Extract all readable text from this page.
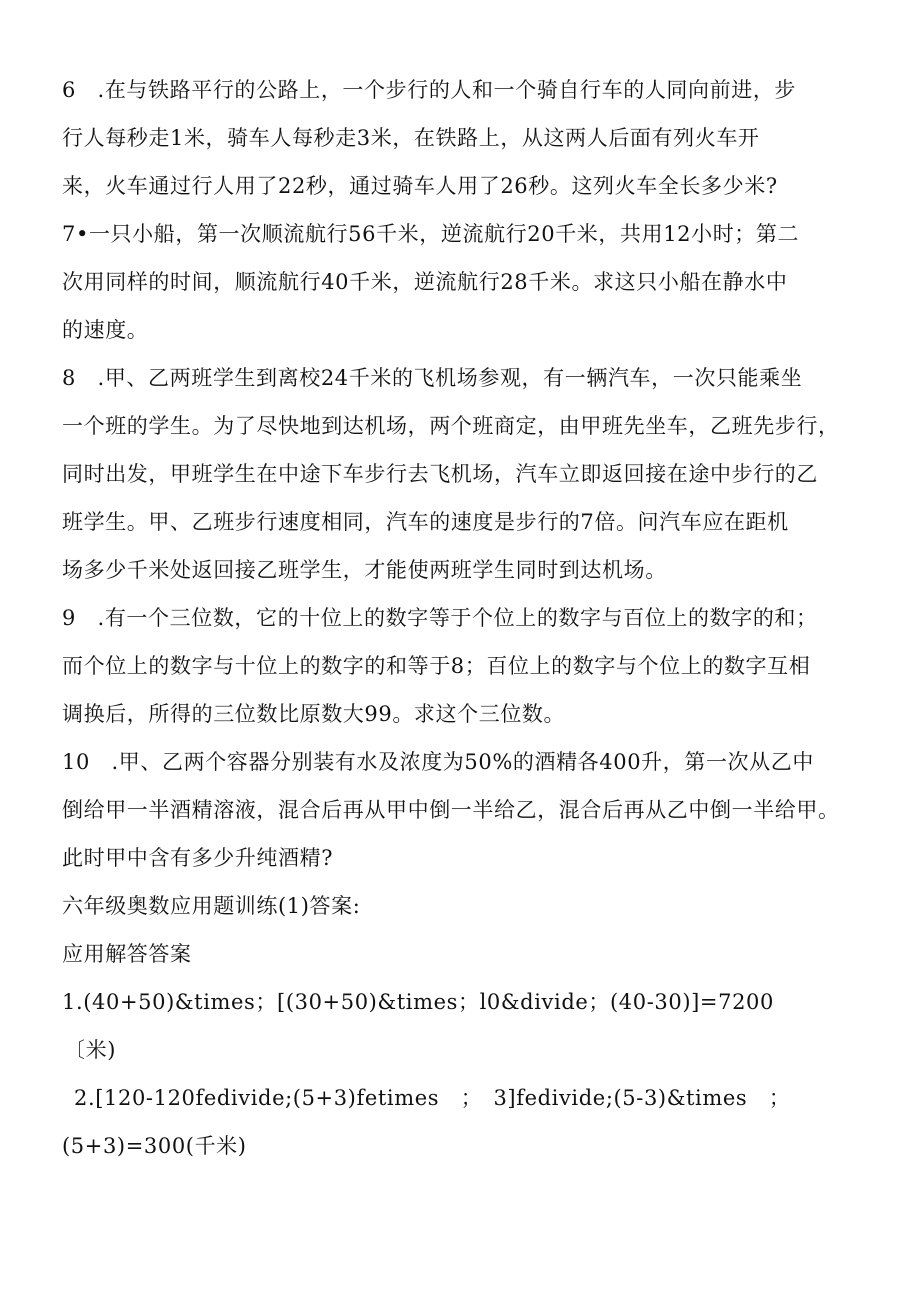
6　.在与铁路平行的公路上，一个步行的人和一个骑自行车的人同向前进，步
行人每秒走1米，骑车人每秒走3米，在铁路上，从这两人后面有列火车开
来，火车通过行人用了22秒，通过骑车人用了26秒。这列火车全长多少米?
7•一只小船，第一次顺流航行56千米，逆流航行20千米，共用12小时；第二
次用同样的时间，顺流航行40千米，逆流航行28千米。求这只小船在静水中
的速度。
8　.甲、乙两班学生到离校24千米的飞机场参观，有一辆汽车，一次只能乘坐
一个班的学生。为了尽快地到达机场，两个班商定，由甲班先坐车，乙班先步行，
同时出发，甲班学生在中途下车步行去飞机场，汽车立即返回接在途中步行的乙
班学生。甲、乙班步行速度相同，汽车的速度是步行的7倍。问汽车应在距机
场多少千米处返回接乙班学生，才能使两班学生同时到达机场。
9　.有一个三位数，它的十位上的数字等于个位上的数字与百位上的数字的和；
而个位上的数字与十位上的数字的和等于8；百位上的数字与个位上的数字互相
调换后，所得的三位数比原数大99。求这个三位数。
10　.甲、乙两个容器分别装有水及浓度为50%的酒精各400升，第一次从乙中
倒给甲一半酒精溶液，混合后再从甲中倒一半给乙，混合后再从乙中倒一半给甲。
此时甲中含有多少升纯酒精?
六年级奥数应用题训练(1)答案:
应用解答答案
1.(40+50)&times；[(30+50)&times；l0&divide；(40-30)]=7200
〔米)
2.[120-120fedivide;(5+3)fetimes　；　3]fedivide;(5-3)&times　；
(5+3)=300(千米)
